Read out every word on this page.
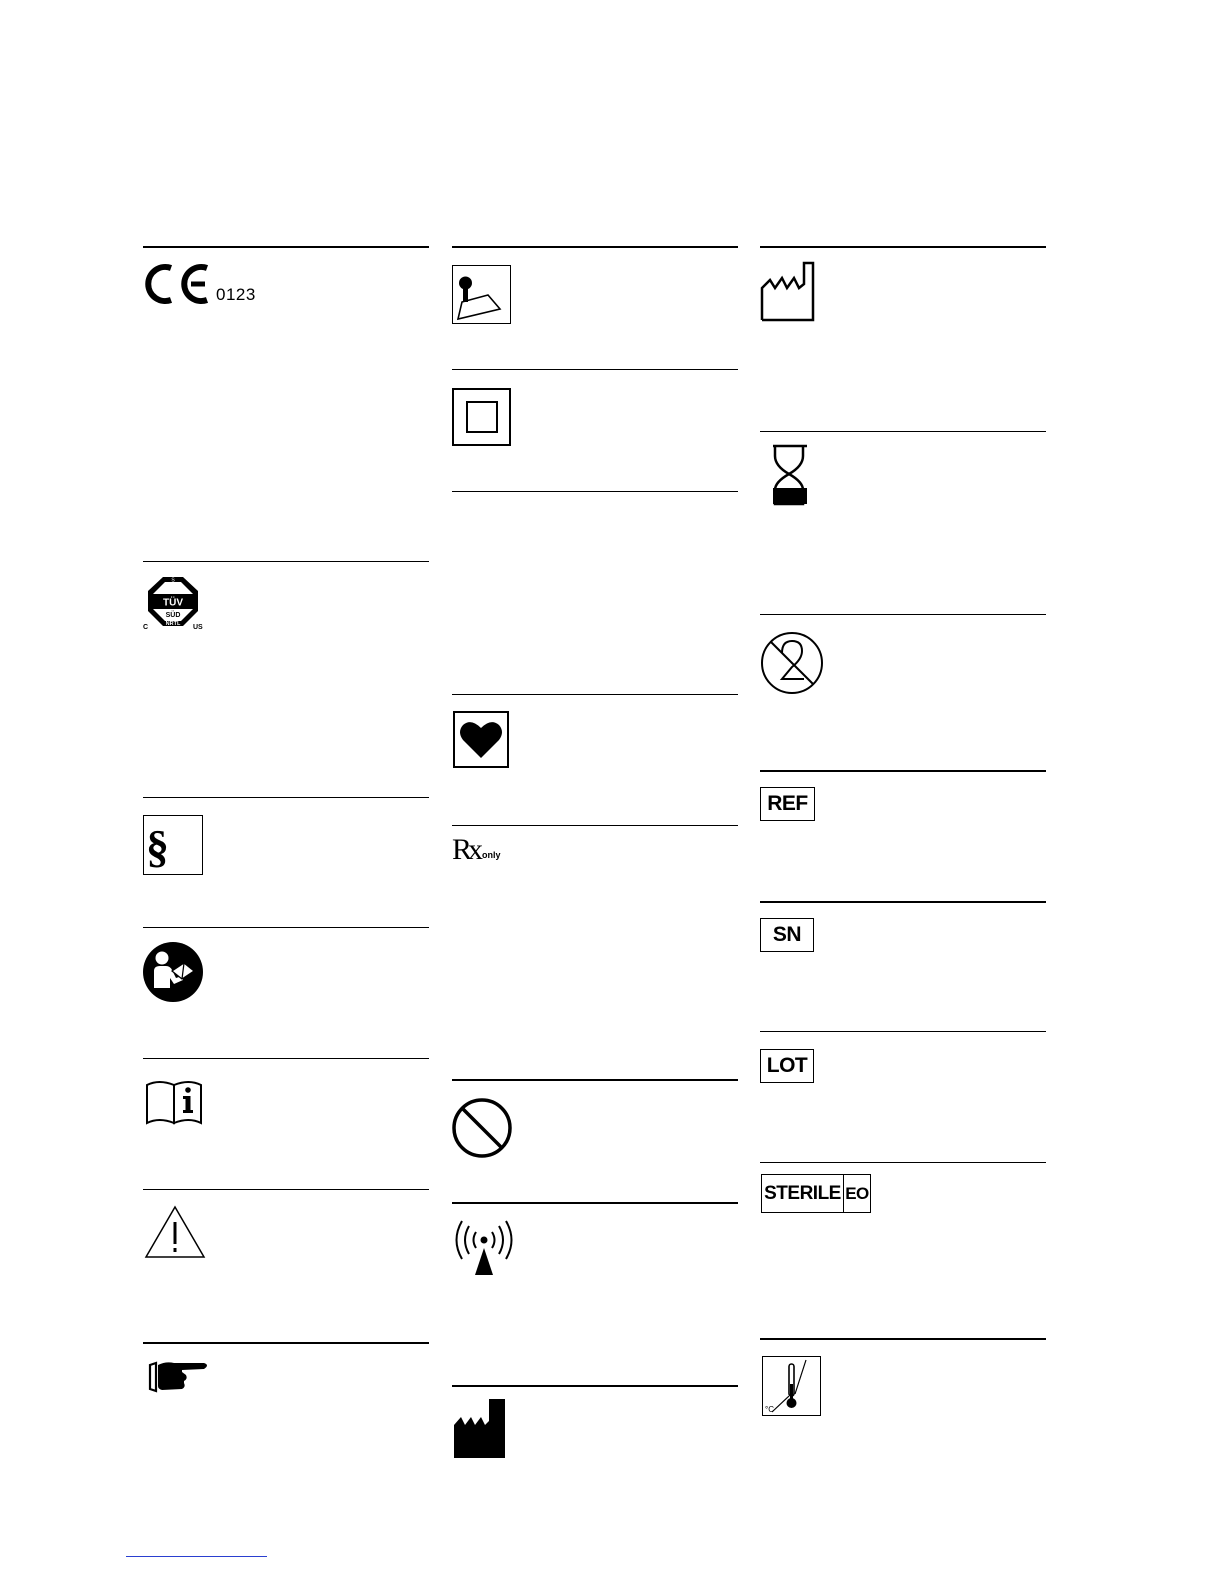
0123
S
TÜV
SÜD
NRTL
C	US
§	Rx only
REF
SN
LOT
STERILE EO
°C
